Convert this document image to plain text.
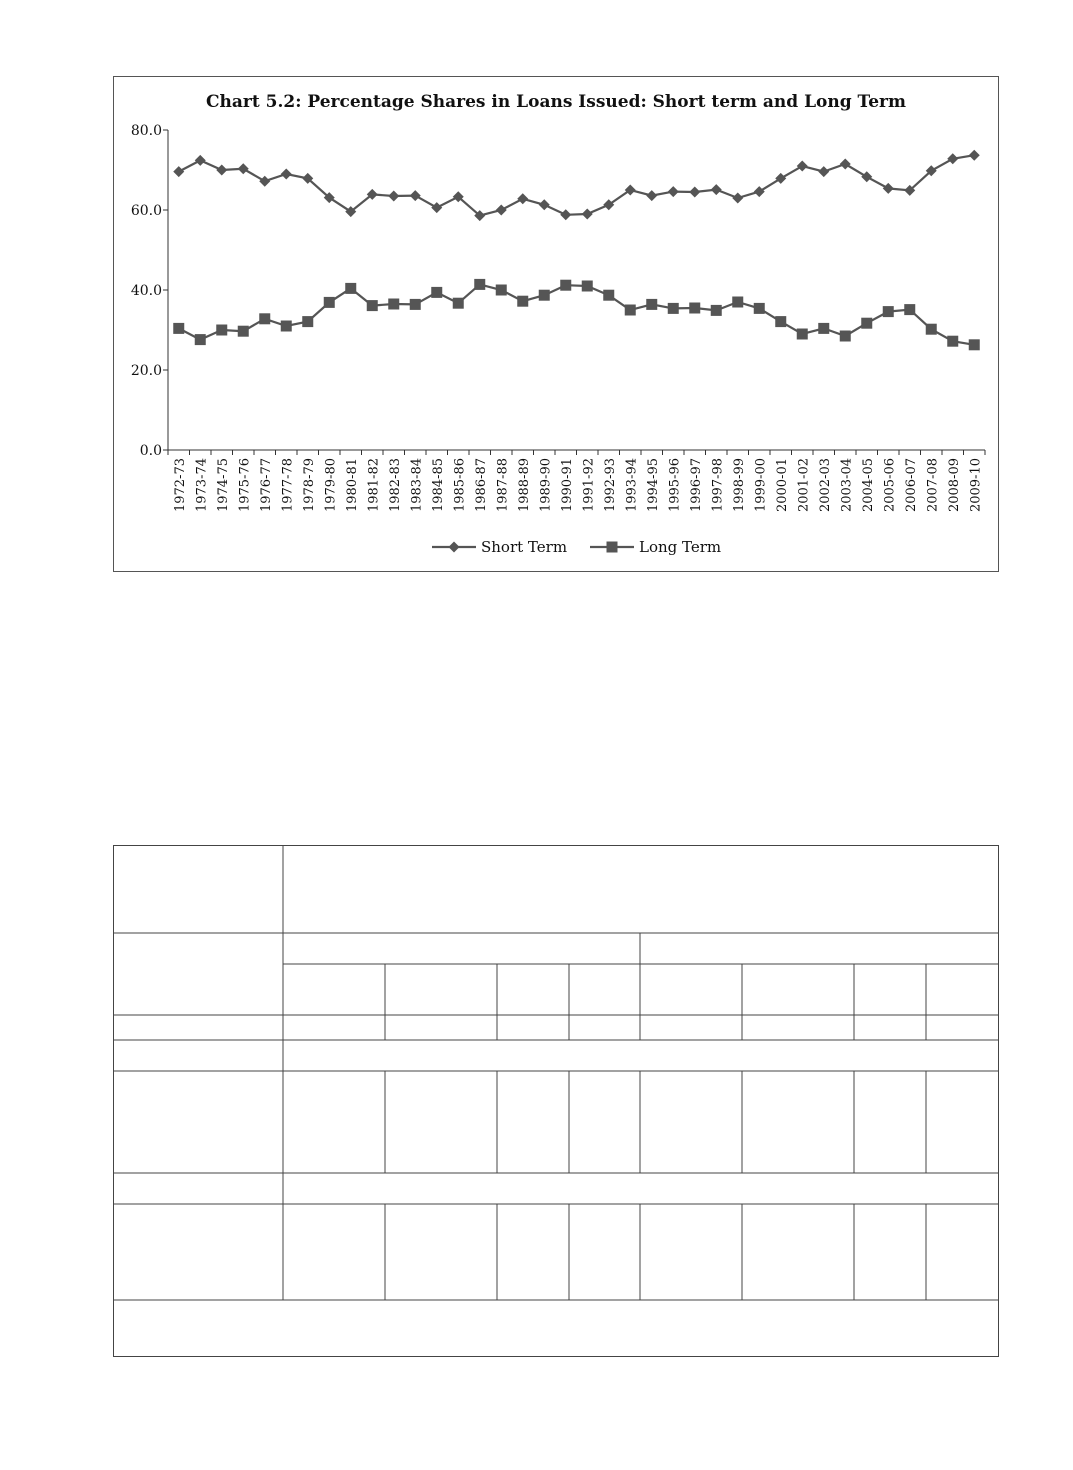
Chart 5.2: Percentage Shares in Loans Issued: Short term and Long Term
0.0
20.0
40.0
60.0
80.0
1972-73 1973-74 1974-75 1975-76 1976-77 1977-78 1978-79 1979-80 1980-81 1981-82 1982-83 1983-84 1984-85 1985-86 1986-87 1987-88 1988-89 1989-90 1990-91 1991-92 1992-93 1993-94 1994-95 1995-96 1996-97 1997-98 1998-99 1999-00 2000-01 2001-02 2002-03 2003-04 2004-05 2005-06 2006-07 2007-08 2008-09 2009-10
Short Term	Long Term
